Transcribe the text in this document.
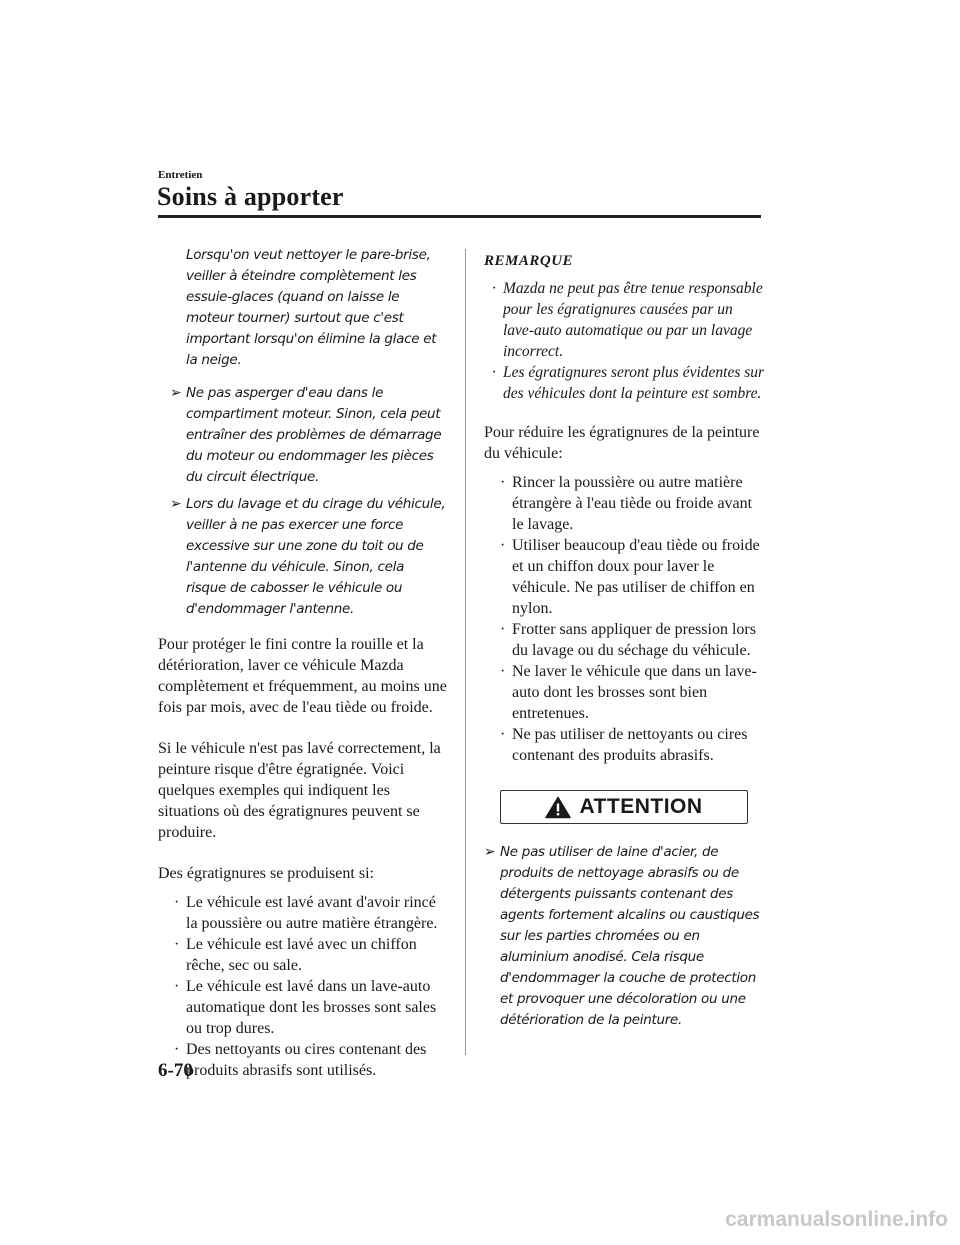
Entretien
Soins à apporter
Lorsqu'on veut nettoyer le pare-brise, veiller à éteindre complètement les essuie-glaces (quand on laisse le moteur tourner) surtout que c'est important lorsqu'on élimine la glace et la neige.
➢ Ne pas asperger d'eau dans le compartiment moteur. Sinon, cela peut entraîner des problèmes de démarrage du moteur ou endommager les pièces du circuit électrique.
➢ Lors du lavage et du cirage du véhicule, veiller à ne pas exercer une force excessive sur une zone du toit ou de l'antenne du véhicule. Sinon, cela risque de cabosser le véhicule ou d'endommager l'antenne.

Pour protéger le fini contre la rouille et la détérioration, laver ce véhicule Mazda complètement et fréquemment, au moins une fois par mois, avec de l'eau tiède ou froide.

Si le véhicule n'est pas lavé correctement, la peinture risque d'être égratignée. Voici quelques exemples qui indiquent les situations où des égratignures peuvent se produire.

Des égratignures se produisent si:

· Le véhicule est lavé avant d'avoir rincé la poussière ou autre matière étrangère.
· Le véhicule est lavé avec un chiffon rêche, sec ou sale.
· Le véhicule est lavé dans un lave-auto automatique dont les brosses sont sales ou trop dures.
· Des nettoyants ou cires contenant des produits abrasifs sont utilisés.
REMARQUE
· Mazda ne peut pas être tenue responsable pour les égratignures causées par un lave-auto automatique ou par un lavage incorrect.
· Les égratignures seront plus évidentes sur des véhicules dont la peinture est sombre.

Pour réduire les égratignures de la peinture du véhicule:

· Rincer la poussière ou autre matière étrangère à l'eau tiède ou froide avant le lavage.
· Utiliser beaucoup d'eau tiède ou froide et un chiffon doux pour laver le véhicule. Ne pas utiliser de chiffon en nylon.
· Frotter sans appliquer de pression lors du lavage ou du séchage du véhicule.
· Ne laver le véhicule que dans un lave-auto dont les brosses sont bien entretenues.
· Ne pas utiliser de nettoyants ou cires contenant des produits abrasifs.
ATTENTION
➢ Ne pas utiliser de laine d'acier, de produits de nettoyage abrasifs ou de détergents puissants contenant des agents fortement alcalins ou caustiques sur les parties chromées ou en aluminium anodisé. Cela risque d'endommager la couche de protection et provoquer une décoloration ou une détérioration de la peinture.
6-70
carmanualsonline.info
